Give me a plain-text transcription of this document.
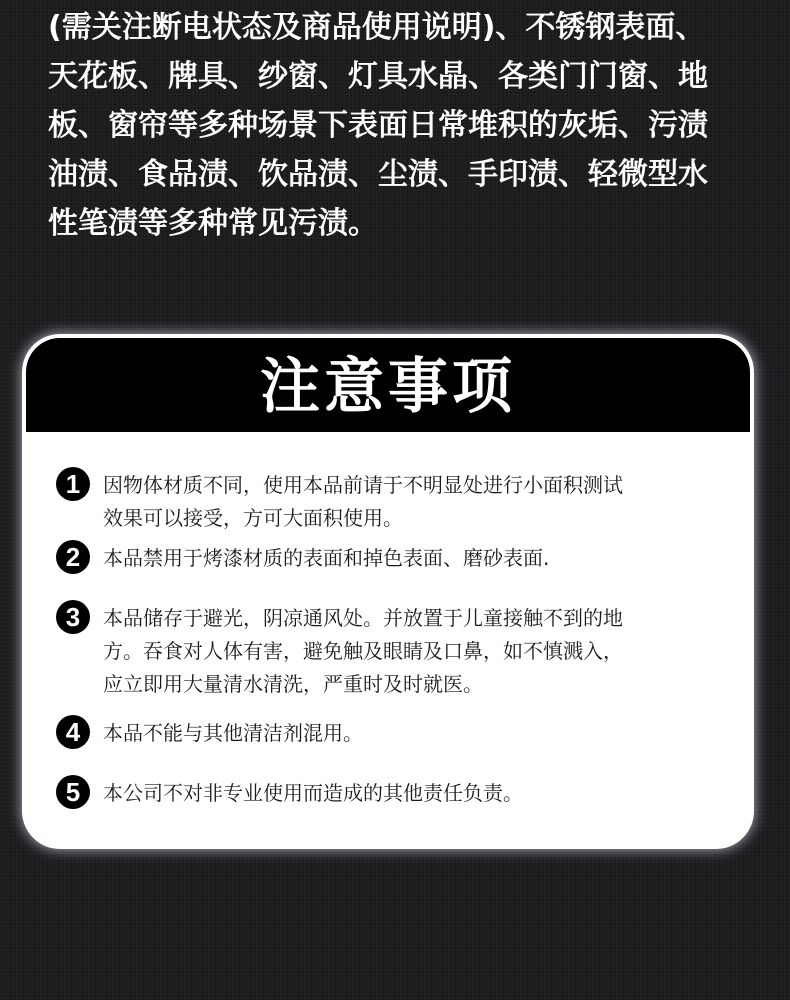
(需关注断电状态及商品使用说明)、不锈钢表面、
天花板、牌具、纱窗、灯具水晶、各类门门窗、地
板、窗帘等多种场景下表面日常堆积的灰垢、污渍
油渍、食品渍、饮品渍、尘渍、手印渍、轻微型水
性笔渍等多种常见污渍。
注意事项
1	因物体材质不同，使用本品前请于不明显处进行小面积测试
效果可以接受，方可大面积使用。
2	本品禁用于烤漆材质的表面和掉色表面、磨砂表面.
3	本品储存于避光，阴凉通风处。并放置于儿童接触不到的地
方。吞食对人体有害，避免触及眼睛及口鼻，如不慎溅入，
应立即用大量清水清洗，严重时及时就医。
4	本品不能与其他清洁剂混用。
5	本公司不对非专业使用而造成的其他责任负责。
